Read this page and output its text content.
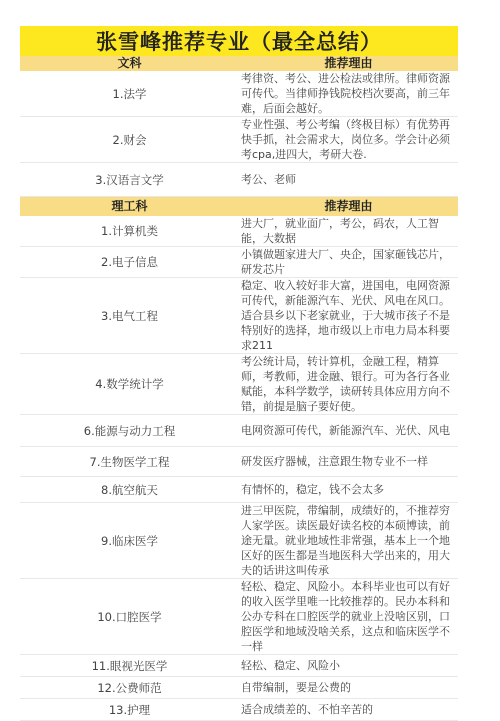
张雪峰推荐专业（最全总结）
文科	推荐理由
1.法学	考律资、考公、进公检法或律所。律师资源可传代。当律师挣钱院校档次要高，前三年难，后面会越好。
2.财会	专业性强、考公考编（终极目标）有优势再快手抓，社会需求大，岗位多。学会计必须考cpa,进四大，考研大卷.
3.汉语言文学	考公、老师
理工科	推荐理由
1.计算机类	进大厂，就业面广，考公，码农，人工智能，大数据
2.电子信息	小镇做题家进大厂、央企，国家砸钱芯片，研发芯片
3.电气工程	稳定、收入较好非大富，进国电，电网资源可传代，新能源汽车、光伏、风电在风口。适合县乡以下老家就业，于大城市孩子不是特别好的选择，地市级以上市电力局本科要求211
4.数学统计学	考公统计局，转计算机，金融工程，精算师，考教师，进金融、银行。可为各行各业赋能，本科学数学，读研转具体应用方向不错，前提是脑子要好使。
6.能源与动力工程	电网资源可传代，新能源汽车、光伏、风电
7.生物医学工程	研发医疗器械，注意跟生物专业不一样
8.航空航天	有情怀的，稳定，钱不会太多
9.临床医学	进三甲医院，带编制，成绩好的，不推荐穷人家学医。读医最好读名校的本硕博读，前途无量。就业地域性非常强，基本上一个地区好的医生都是当地医科大学出来的，用大夫的话讲这叫传承
10.口腔医学	轻松、稳定、风险小。本科毕业也可以有好的收入医学里唯一比较推荐的。民办本科和公办专科在口腔医学的就业上没啥区别，口腔医学和地域没啥关系，这点和临床医学不一样
11.眼视光医学	轻松、稳定、风险小
12.公费师范	自带编制，要是公费的
13.护理	适合成绩差的、不怕辛苦的
